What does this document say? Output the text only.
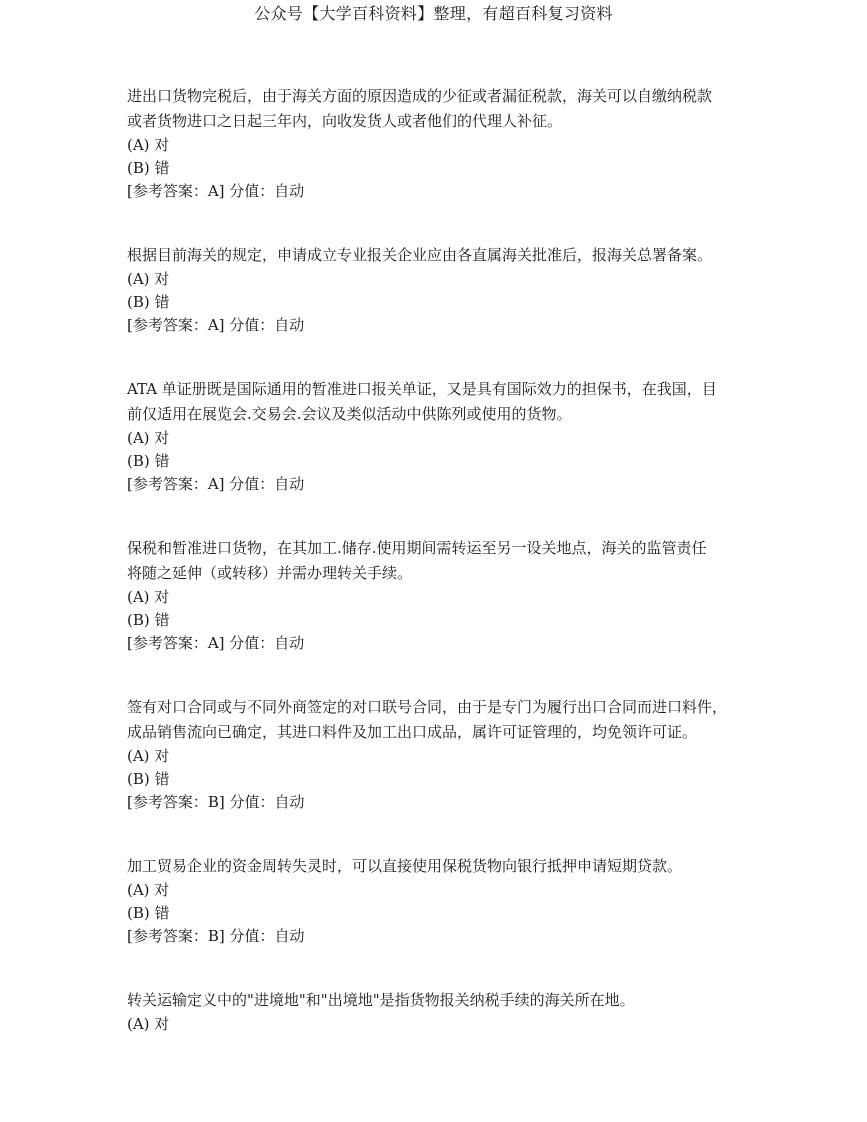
公众号【大学百科资料】整理，有超百科复习资料

进出口货物完税后，由于海关方面的原因造成的少征或者漏征税款，海关可以自缴纳税款

或者货物进口之日起三年内，向收发货人或者他们的代理人补征。

(A) 对

(B) 错

[参考答案：A] 分值：自动

根据目前海关的规定，申请成立专业报关企业应由各直属海关批准后，报海关总署备案。

(A) 对

(B) 错

[参考答案：A] 分值：自动

ATA 单证册既是国际通用的暂准进口报关单证，又是具有国际效力的担保书，在我国，目

前仅适用在展览会.交易会.会议及类似活动中供陈列或使用的货物。

(A) 对

(B) 错

[参考答案：A] 分值：自动

保税和暂准进口货物，在其加工.储存.使用期间需转运至另一设关地点，海关的监管责任

将随之延伸（或转移）并需办理转关手续。

(A) 对

(B) 错

[参考答案：A] 分值：自动

签有对口合同或与不同外商签定的对口联号合同，由于是专门为履行出口合同而进口料件，

成品销售流向已确定，其进口料件及加工出口成品，属许可证管理的，均免领许可证。

(A) 对

(B) 错

[参考答案：B] 分值：自动

加工贸易企业的资金周转失灵时，可以直接使用保税货物向银行抵押申请短期贷款。

(A) 对

(B) 错

[参考答案：B] 分值：自动

转关运输定义中的"进境地"和"出境地"是指货物报关纳税手续的海关所在地。

(A) 对
